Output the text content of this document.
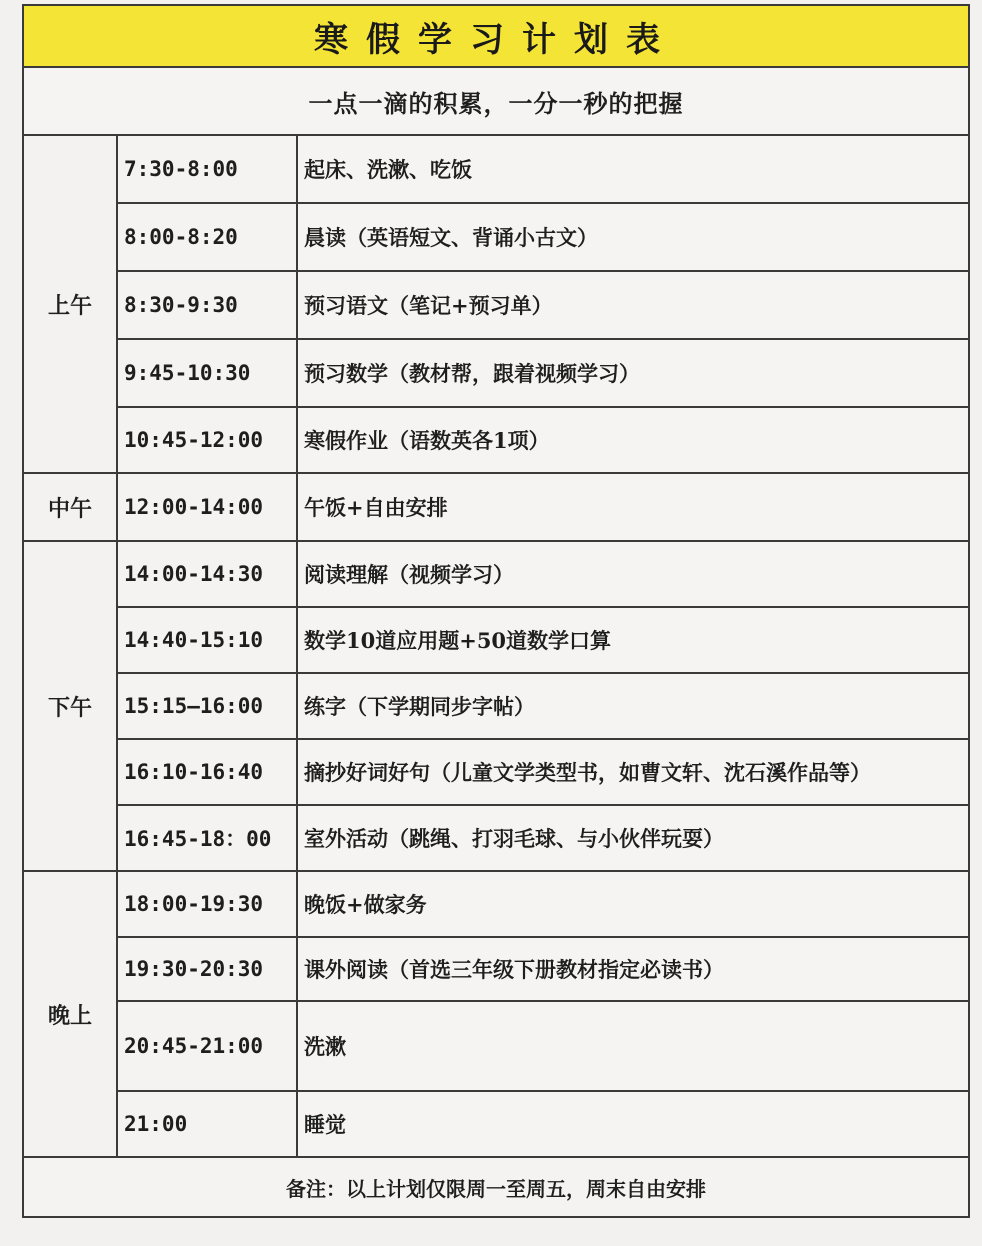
寒假学习计划表		
一点一滴的积累，一分一秒的把握		
上午	7:30-8:00	起床、洗漱、吃饭
	8:00-8:20	晨读（英语短文、背诵小古文）
	8:30-9:30	预习语文（笔记+预习单）
	9:45-10:30	预习数学（教材帮，跟着视频学习）
	10:45-12:00	寒假作业（语数英各1项）
中午	12:00-14:00	午饭+自由安排
下午	14:00-14:30	阅读理解（视频学习）
	14:40-15:10	数学10道应用题+50道数学口算
	15:15—16:00	练字（下学期同步字帖）
	16:10-16:40	摘抄好词好句（儿童文学类型书，如曹文轩、沈石溪作品等）
	16:45-18：00	室外活动（跳绳、打羽毛球、与小伙伴玩耍）
晚上	18:00-19:30	晚饭+做家务
	19:30-20:30	课外阅读（首选三年级下册教材指定必读书）
	20:45-21:00	洗漱
	21:00	睡觉
备注：以上计划仅限周一至周五，周末自由安排		
